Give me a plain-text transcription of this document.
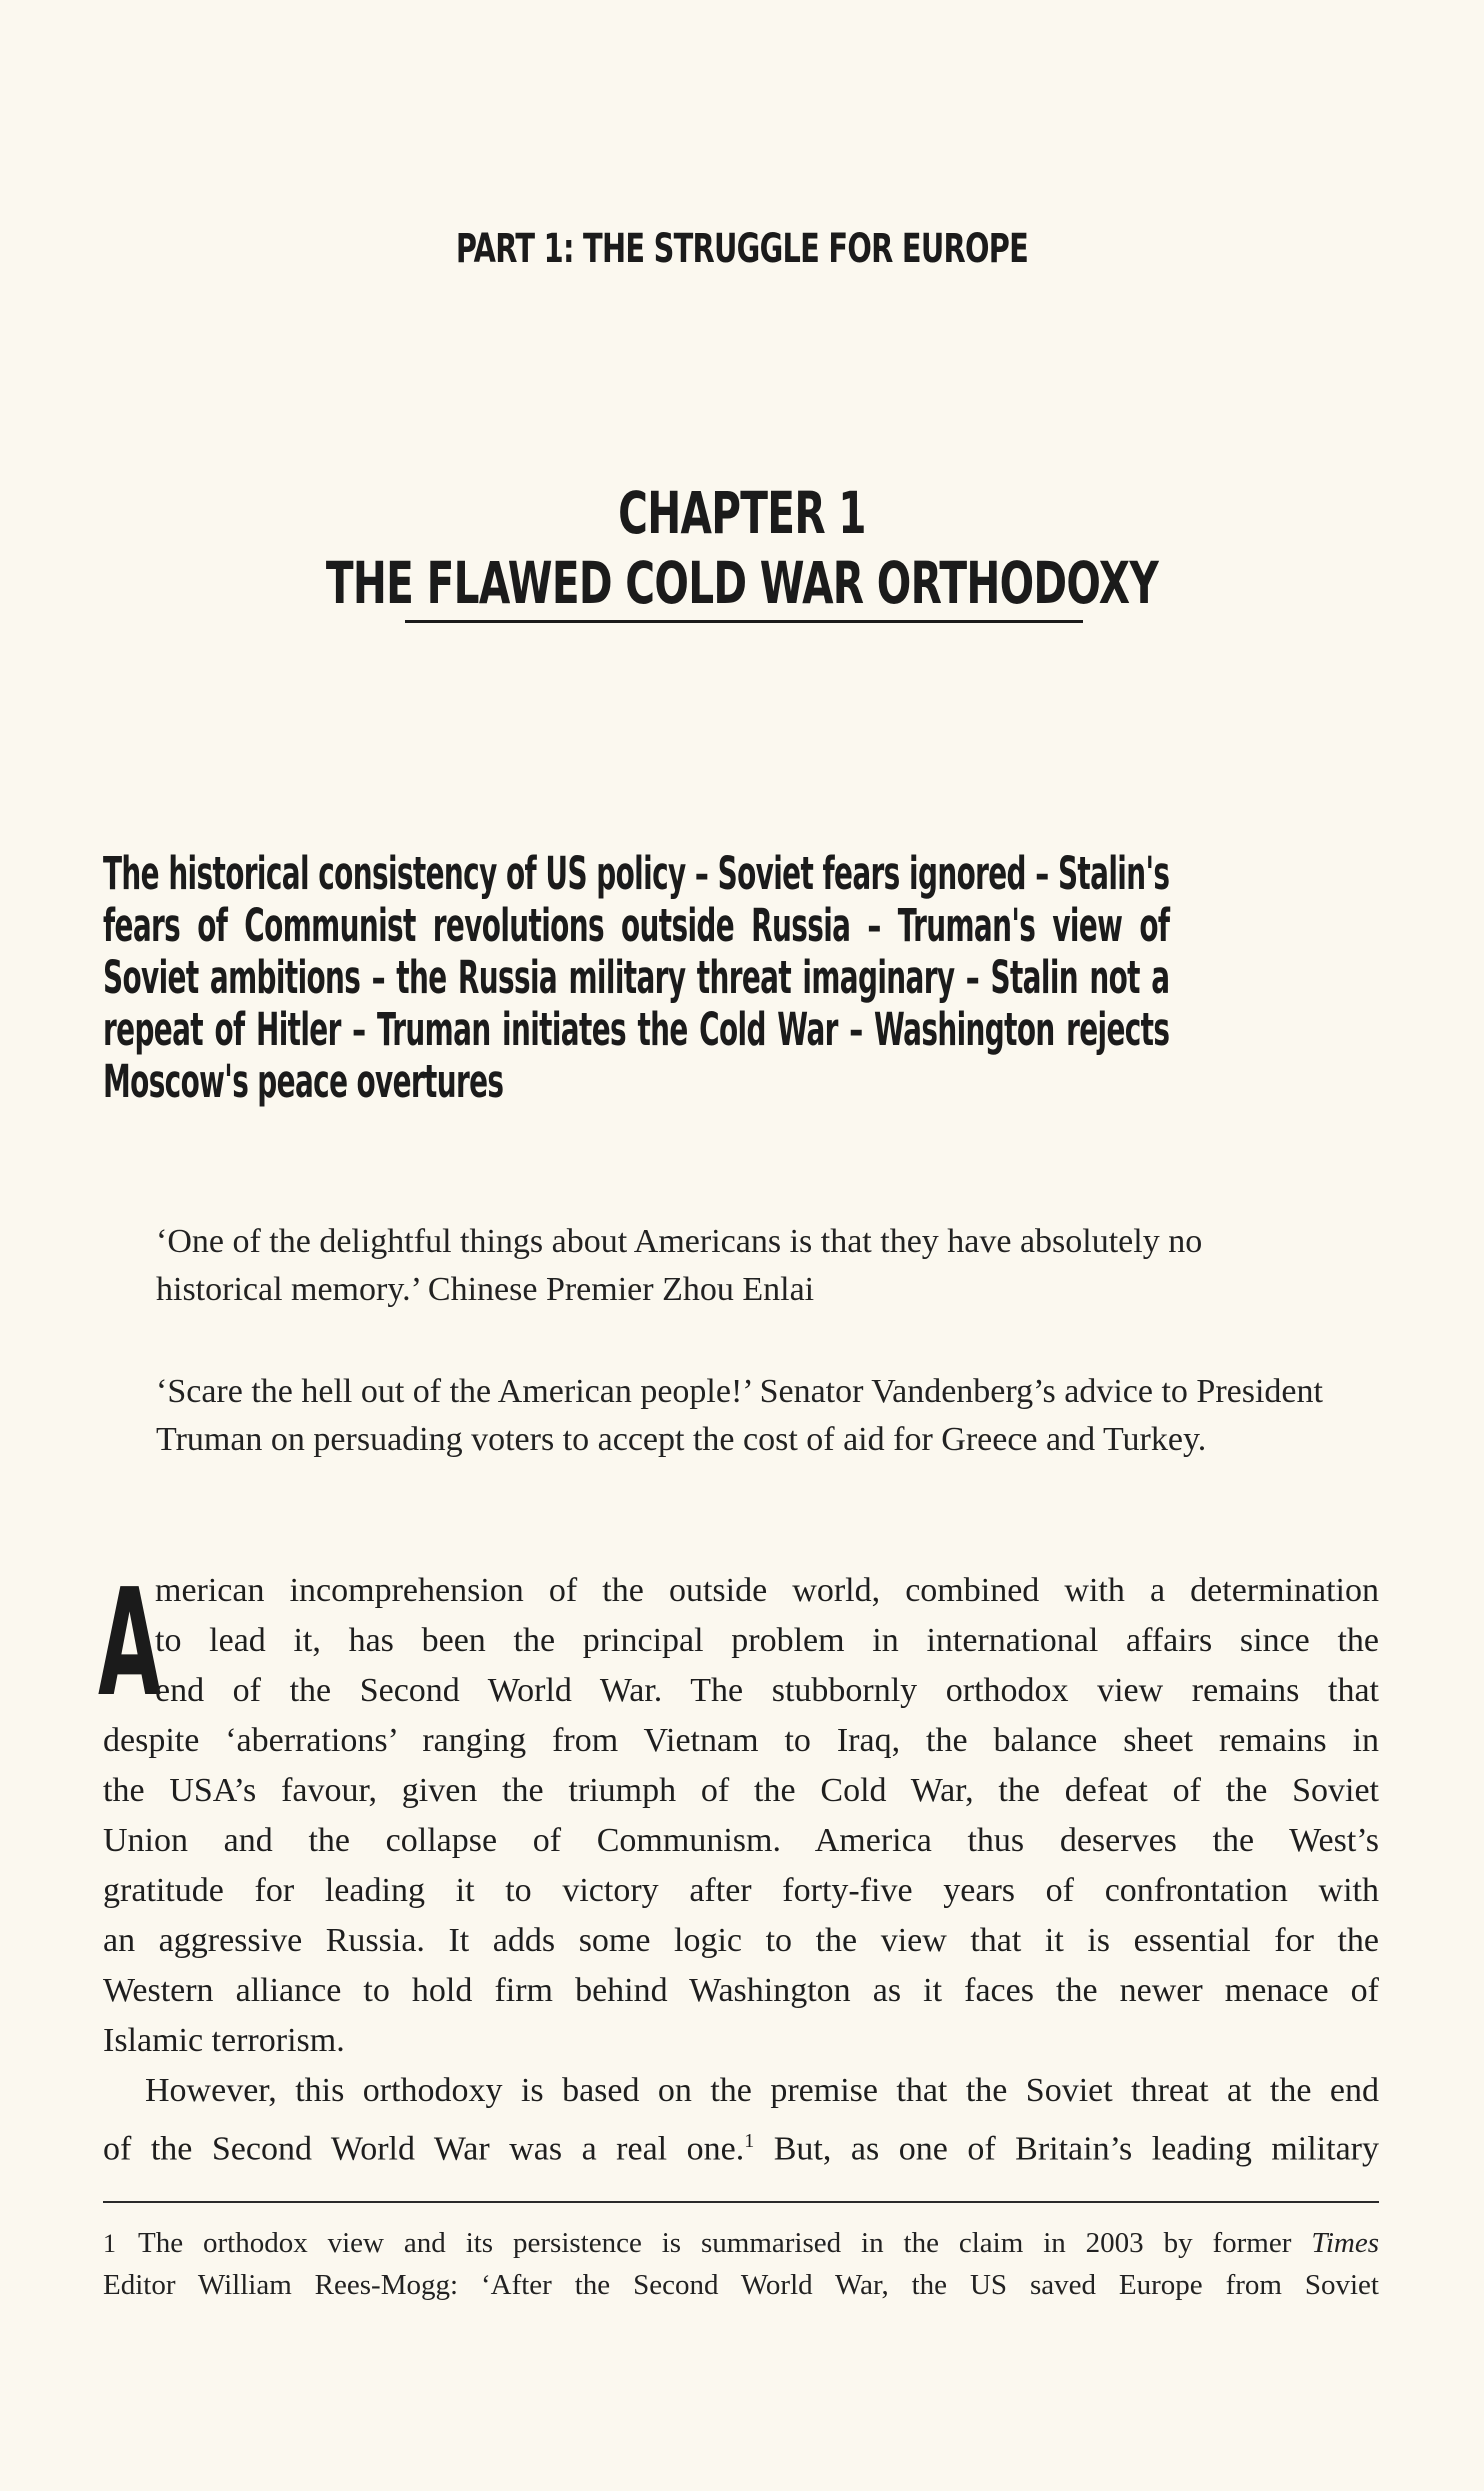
PART 1: THE STRUGGLE FOR EUROPE
CHAPTER 1
THE FLAWED COLD WAR ORTHODOXY
The historical consistency of US policy – Soviet fears ignored – Stalin's fears of Communist revolutions outside Russia – Truman's view of Soviet ambitions – the Russia military threat imaginary – Stalin not a repeat of Hitler – Truman initiates the Cold War – Washington rejects Moscow's peace overtures
‘One of the delightful things about Americans is that they have absolutely no historical memory.’ Chinese Premier Zhou Enlai
‘Scare the hell out of the American people!’ Senator Vandenberg’s advice to President Truman on persuading voters to accept the cost of aid for Greece and Turkey.
A
merican incomprehension of the outside world, combined with a determination
to lead it, has been the principal problem in international affairs since the
end of the Second World War. The stubbornly orthodox view remains that
despite ‘aberrations’ ranging from Vietnam to Iraq, the balance sheet remains in
the USA’s favour, given the triumph of the Cold War, the defeat of the Soviet
Union and the collapse of Communism. America thus deserves the West’s
gratitude for leading it to victory after forty-five years of confrontation with
an aggressive Russia. It adds some logic to the view that it is essential for the
Western alliance to hold firm behind Washington as it faces the newer menace of
Islamic terrorism.
However, this orthodoxy is based on the premise that the Soviet threat at the end
of the Second World War was a real one.$^1$ But, as one of Britain’s leading military
1 The orthodox view and its persistence is summarised in the claim in 2003 by former Times
Editor William Rees-Mogg: ‘After the Second World War, the US saved Europe from Soviet
